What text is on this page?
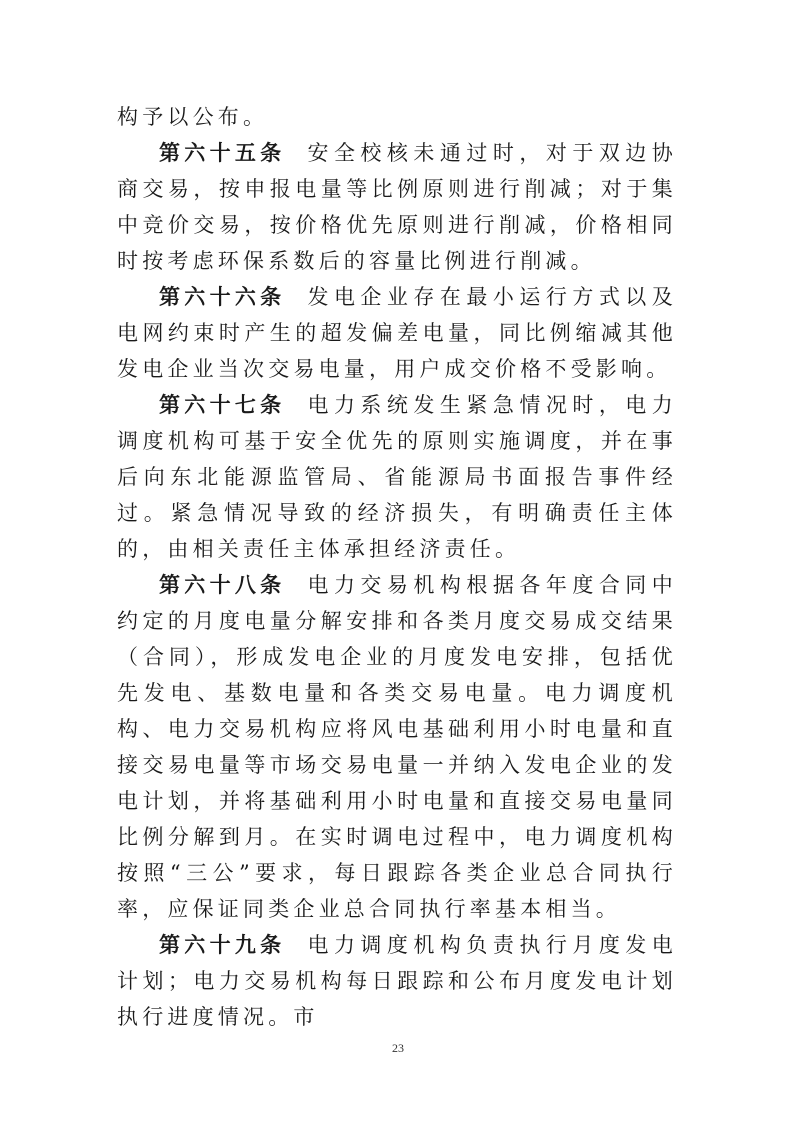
构予以公布。

第六十五条 安全校核未通过时，对于双边协商交易，按申报电量等比例原则进行削减；对于集中竞价交易，按价格优先原则进行削减，价格相同时按考虑环保系数后的容量比例进行削减。

第六十六条 发电企业存在最小运行方式以及电网约束时产生的超发偏差电量，同比例缩减其他发电企业当次交易电量，用户成交价格不受影响。

第六十七条 电力系统发生紧急情况时，电力调度机构可基于安全优先的原则实施调度，并在事后向东北能源监管局、省能源局书面报告事件经过。紧急情况导致的经济损失，有明确责任主体的，由相关责任主体承担经济责任。

第六十八条 电力交易机构根据各年度合同中约定的月度电量分解安排和各类月度交易成交结果（合同），形成发电企业的月度发电安排，包括优先发电、基数电量和各类交易电量。电力调度机构、电力交易机构应将风电基础利用小时电量和直接交易电量等市场交易电量一并纳入发电企业的发电计划，并将基础利用小时电量和直接交易电量同比例分解到月。在实时调电过程中，电力调度机构按照“三公”要求，每日跟踪各类企业总合同执行率，应保证同类企业总合同执行率基本相当。

第六十九条 电力调度机构负责执行月度发电计划；电力交易机构每日跟踪和公布月度发电计划执行进度情况。市

23
